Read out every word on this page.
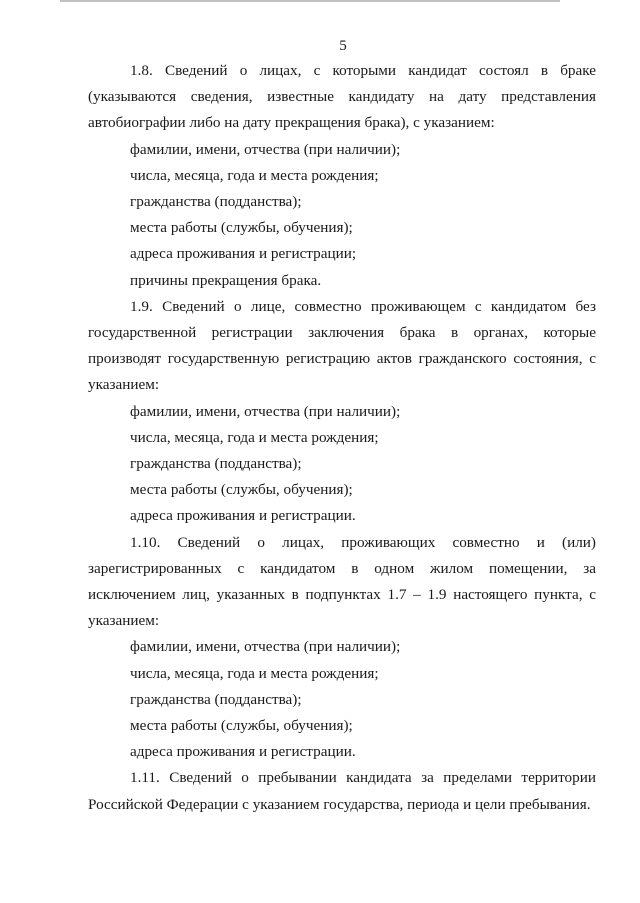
5

1.8. Сведений о лицах, с которыми кандидат состоял в браке (указываются сведения, известные кандидату на дату представления автобиографии либо на дату прекращения брака), с указанием:

фамилии, имени, отчества (при наличии);

числа, месяца, года и места рождения;

гражданства (подданства);

места работы (службы, обучения);

адреса проживания и регистрации;

причины прекращения брака.

1.9. Сведений о лице, совместно проживающем с кандидатом без государственной регистрации заключения брака в органах, которые производят государственную регистрацию актов гражданского состояния, с указанием:

фамилии, имени, отчества (при наличии);

числа, месяца, года и места рождения;

гражданства (подданства);

места работы (службы, обучения);

адреса проживания и регистрации.

1.10. Сведений о лицах, проживающих совместно и (или) зарегистрированных с кандидатом в одном жилом помещении, за исключением лиц, указанных в подпунктах 1.7 – 1.9 настоящего пункта, с указанием:

фамилии, имени, отчества (при наличии);

числа, месяца, года и места рождения;

гражданства (подданства);

места работы (службы, обучения);

адреса проживания и регистрации.

1.11. Сведений о пребывании кандидата за пределами территории Российской Федерации с указанием государства, периода и цели пребывания.
